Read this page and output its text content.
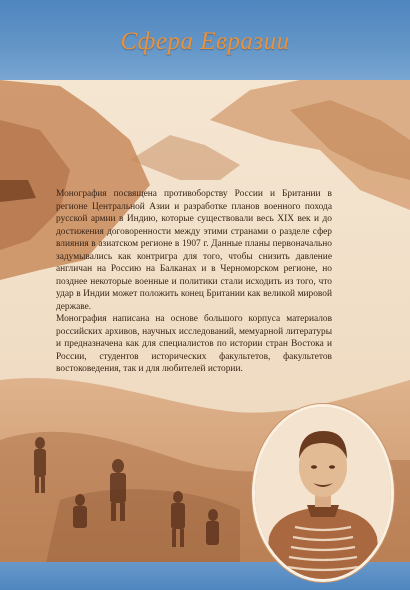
Сфера Евразии

Монография посвящена противоборству России и Британии в регионе Центральной Азии и разработке планов военного похода русской армии в Индию, которые существовали весь XIX век и до достижения договоренности между этими странами о разделе сфер влияния в азиатском регионе в 1907 г. Данные планы первоначально задумывались как контригра для того, чтобы снизить давление англичан на Россию на Балканах и в Черноморском регионе, но позднее некоторые военные и политики стали исходить из того, что удар в Индии может положить конец Британии как великой мировой державе.

Монография написана на основе большого корпуса материалов российских архивов, научных исследований, мемуарной литературы и предназначена как для специалистов по истории стран Востока и России, студентов исторических факультетов, факультетов востоковедения, так и для любителей истории.
